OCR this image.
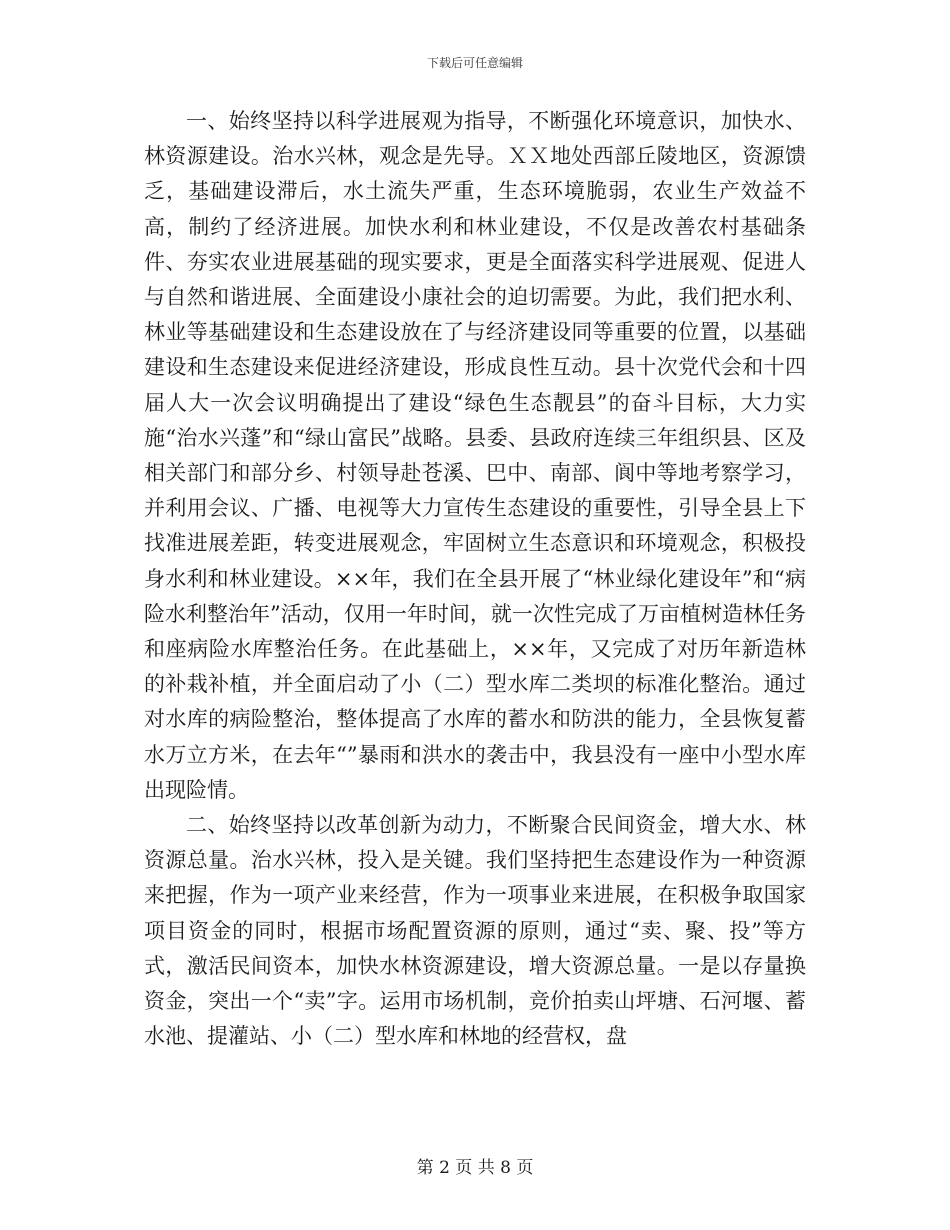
下载后可任意编辑

一、始终坚持以科学进展观为指导，不断强化环境意识，加快水、林资源建设。治水兴林，观念是先导。ＸＸ地处西部丘陵地区，资源馈乏，基础建设滞后，水土流失严重，生态环境脆弱，农业生产效益不高，制约了经济进展。加快水利和林业建设，不仅是改善农村基础条件、夯实农业进展基础的现实要求，更是全面落实科学进展观、促进人与自然和谐进展、全面建设小康社会的迫切需要。为此，我们把水利、林业等基础建设和生态建设放在了与经济建设同等重要的位置，以基础建设和生态建设来促进经济建设，形成良性互动。县十次党代会和十四届人大一次会议明确提出了建设“绿色生态靓县”的奋斗目标，大力实施“治水兴蓬”和“绿山富民”战略。县委、县政府连续三年组织县、区及相关部门和部分乡、村领导赴苍溪、巴中、南部、阆中等地考察学习，并利用会议、广播、电视等大力宣传生态建设的重要性，引导全县上下找准进展差距，转变进展观念，牢固树立生态意识和环境观念，积极投身水利和林业建设。××年，我们在全县开展了“林业绿化建设年”和“病险水利整治年”活动，仅用一年时间，就一次性完成了万亩植树造林任务和座病险水库整治任务。在此基础上，××年，又完成了对历年新造林的补栽补植，并全面启动了小（二）型水库二类坝的标准化整治。通过对水库的病险整治，整体提高了水库的蓄水和防洪的能力，全县恢复蓄水万立方米，在去年“”暴雨和洪水的袭击中，我县没有一座中小型水库出现险情。

二、始终坚持以改革创新为动力，不断聚合民间资金，增大水、林资源总量。治水兴林，投入是关键。我们坚持把生态建设作为一种资源来把握，作为一项产业来经营，作为一项事业来进展，在积极争取国家项目资金的同时，根据市场配置资源的原则，通过“卖、聚、投”等方式，激活民间资本，加快水林资源建设，增大资源总量。一是以存量换资金，突出一个“卖”字。运用市场机制，竞价拍卖山坪塘、石河堰、蓄水池、提灌站、小（二）型水库和林地的经营权，盘

第 2 页 共 8 页
